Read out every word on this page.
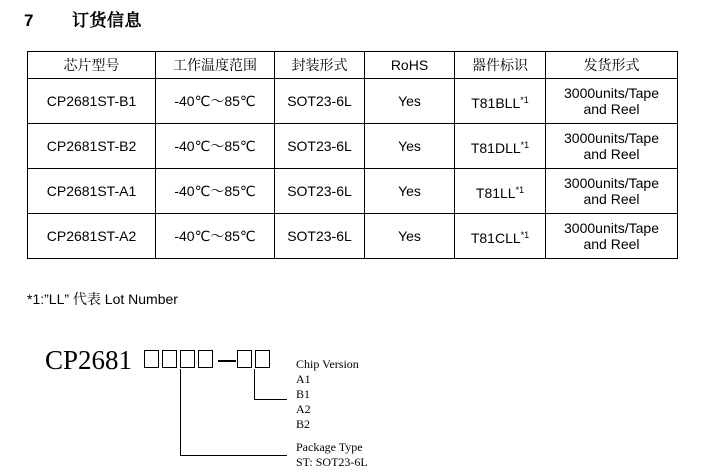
7 订货信息
芯片型号	工作温度范围	封装形式	RoHS	器件标识	发货形式
CP2681ST-B1	-40℃～85℃	SOT23-6L	Yes	T81BLL$^{*1}$	3000units/Tape
and Reel
CP2681ST-B2	-40℃～85℃	SOT23-6L	Yes	T81DLL$^{*1}$	3000units/Tape
and Reel
CP2681ST-A1	-40℃～85℃	SOT23-6L	Yes	T81LL$^{*1}$	3000units/Tape
and Reel
CP2681ST-A2	-40℃～85℃	SOT23-6L	Yes	T81CLL$^{*1}$	3000units/Tape
and Reel
*1:”LL” 代表 Lot Number
CP2681	Chip Version
A1
B1
A2
B2
Package Type
ST: SOT23-6L
